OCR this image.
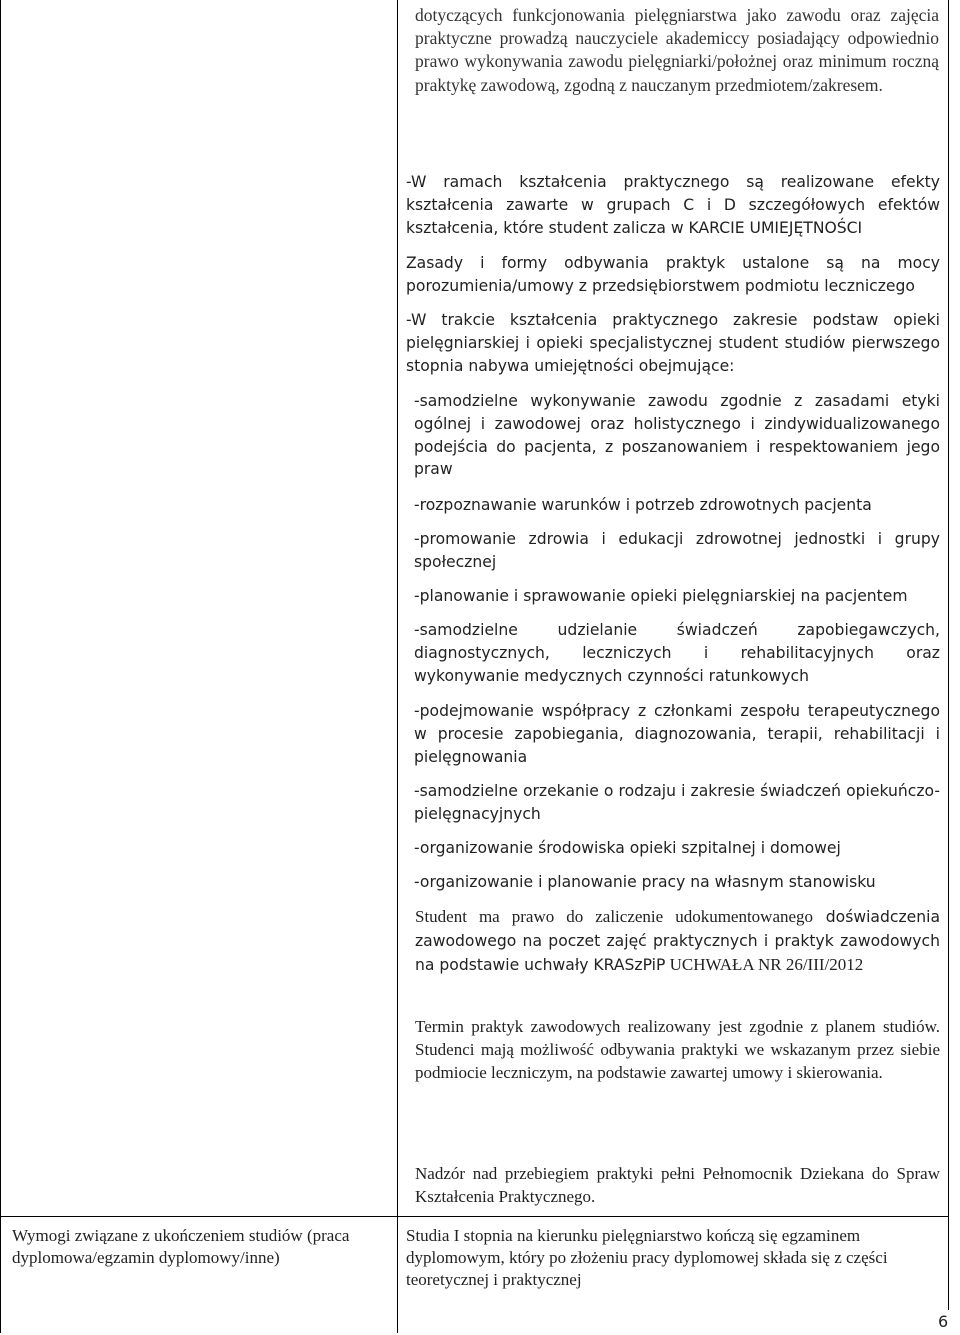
dotyczących funkcjonowania pielęgniarstwa jako zawodu oraz zajęcia praktyczne prowadzą nauczyciele akademiccy posiadający odpowiednio prawo wykonywania zawodu pielęgniarki/położnej oraz minimum roczną praktykę zawodową, zgodną z nauczanym przedmiotem/zakresem.

-W ramach kształcenia praktycznego są realizowane efekty kształcenia zawarte w grupach C i D szczegółowych efektów kształcenia, które student zalicza w KARCIE UMIEJĘTNOŚCI

Zasady i formy odbywania praktyk ustalone są na mocy porozumienia/umowy z przedsiębiorstwem podmiotu leczniczego

-W trakcie kształcenia praktycznego zakresie podstaw opieki pielęgniarskiej i opieki specjalistycznej student studiów pierwszego stopnia nabywa umiejętności obejmujące:

-samodzielne wykonywanie zawodu zgodnie z zasadami etyki ogólnej i zawodowej oraz holistycznego i zindywidualizowanego podejścia do pacjenta, z poszanowaniem i respektowaniem jego praw

-rozpoznawanie warunków i potrzeb zdrowotnych pacjenta

-promowanie zdrowia i edukacji zdrowotnej jednostki i grupy społecznej

-planowanie i sprawowanie opieki pielęgniarskiej na pacjentem

-samodzielne udzielanie świadczeń zapobiegawczych, diagnostycznych, leczniczych i rehabilitacyjnych oraz wykonywanie medycznych czynności ratunkowych

-podejmowanie współpracy z członkami zespołu terapeutycznego w procesie zapobiegania, diagnozowania, terapii, rehabilitacji i pielęgnowania

-samodzielne orzekanie o rodzaju i zakresie świadczeń opiekuńczo-pielęgnacyjnych

-organizowanie środowiska opieki szpitalnej i domowej

-organizowanie i planowanie pracy na własnym stanowisku

Student ma prawo do zaliczenie udokumentowanego doświadczenia zawodowego na poczet zajęć praktycznych i praktyk zawodowych na podstawie uchwały KRASzPiP UCHWAŁA NR 26/III/2012

Termin praktyk zawodowych realizowany jest zgodnie z planem studiów. Studenci mają możliwość odbywania praktyki we wskazanym przez siebie podmiocie leczniczym, na podstawie zawartej umowy i skierowania.

Nadzór nad przebiegiem praktyki pełni Pełnomocnik Dziekana do Spraw Kształcenia Praktycznego.

Wymogi związane z ukończeniem studiów (praca dyplomowa/egzamin dyplomowy/inne)
Studia I stopnia na kierunku pielęgniarstwo kończą się egzaminem dyplomowym, który po złożeniu pracy dyplomowej składa się z części teoretycznej i praktycznej
6
